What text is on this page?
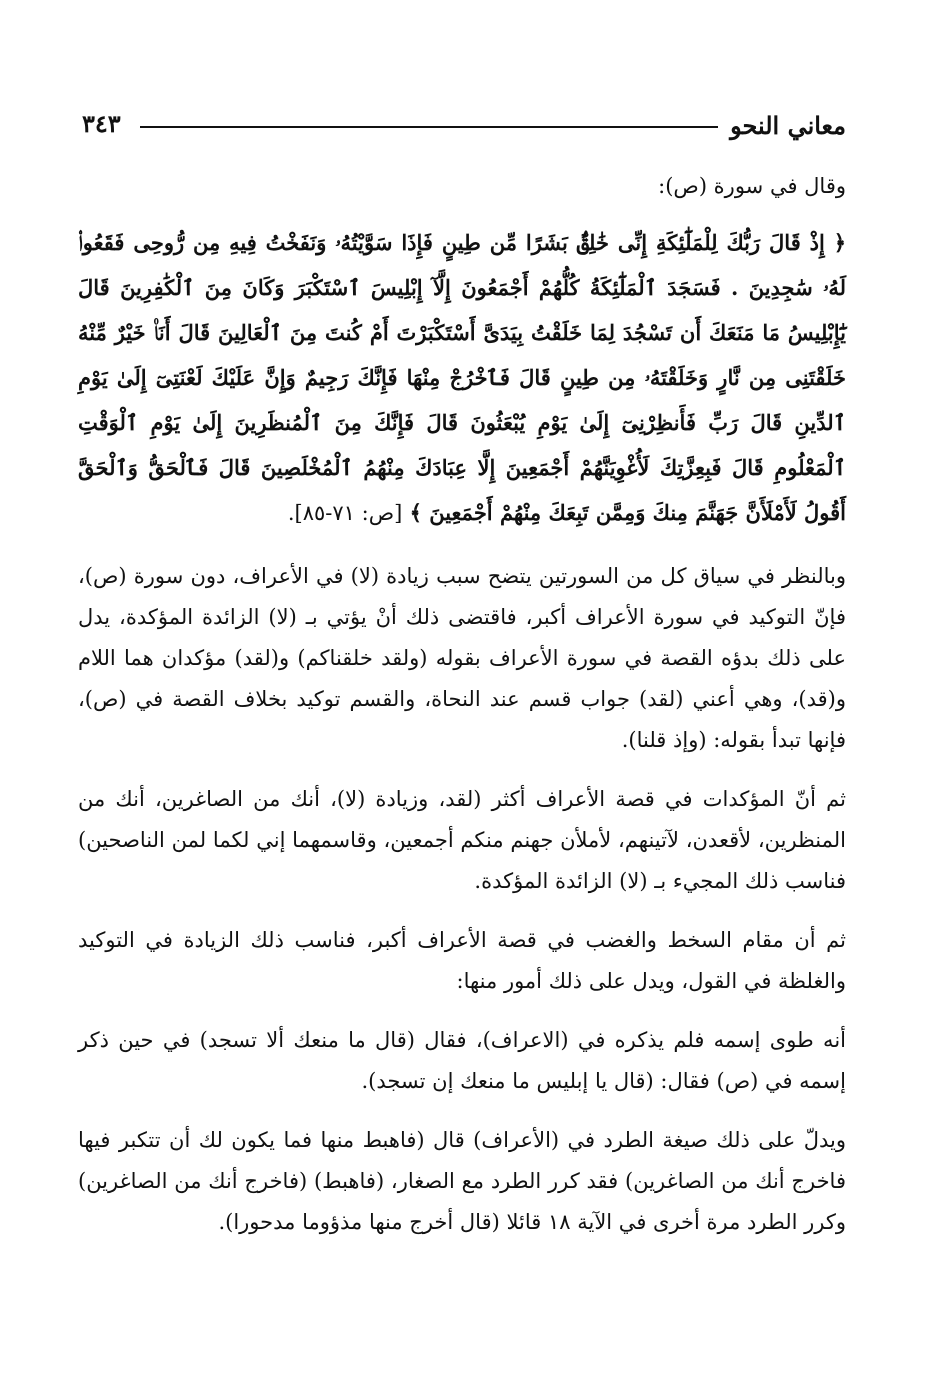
معاني النحو
٣٤٣

وقال في سورة (ص):

﴿ إِذْ قَالَ رَبُّكَ لِلْمَلَٰٓئِكَةِ إِنِّى خَٰلِقٌۢ بَشَرًا مِّن طِينٍ فَإِذَا سَوَّيْتُهُۥ وَنَفَخْتُ فِيهِ مِن رُّوحِى فَقَعُوا۟ لَهُۥ سَٰجِدِينَ . فَسَجَدَ ٱلْمَلَٰٓئِكَةُ كُلُّهُمْ أَجْمَعُونَ إِلَّآ إِبْلِيسَ ٱسْتَكْبَرَ وَكَانَ مِنَ ٱلْكَٰفِرِينَ قَالَ يَٰٓإِبْلِيسُ مَا مَنَعَكَ أَن تَسْجُدَ لِمَا خَلَقْتُ بِيَدَىَّ أَسْتَكْبَرْتَ أَمْ كُنتَ مِنَ ٱلْعَالِينَ قَالَ أَنَا۠ خَيْرٌ مِّنْهُ خَلَقْتَنِى مِن نَّارٍ وَخَلَقْتَهُۥ مِن طِينٍ قَالَ فَٱخْرُجْ مِنْهَا فَإِنَّكَ رَجِيمٌ وَإِنَّ عَلَيْكَ لَعْنَتِىٓ إِلَىٰ يَوْمِ ٱلدِّينِ قَالَ رَبِّ فَأَنظِرْنِىٓ إِلَىٰ يَوْمِ يُبْعَثُونَ قَالَ فَإِنَّكَ مِنَ ٱلْمُنظَرِينَ إِلَىٰ يَوْمِ ٱلْوَقْتِ ٱلْمَعْلُومِ قَالَ فَبِعِزَّتِكَ لَأُغْوِيَنَّهُمْ أَجْمَعِينَ إِلَّا عِبَادَكَ مِنْهُمُ ٱلْمُخْلَصِينَ قَالَ فَٱلْحَقُّ وَٱلْحَقَّ أَقُولُ لَأَمْلَأَنَّ جَهَنَّمَ مِنكَ وَمِمَّن تَبِعَكَ مِنْهُمْ أَجْمَعِينَ ﴾ [ص: ٧١-٨٥].

وبالنظر في سياق كل من السورتين يتضح سبب زيادة (لا) في الأعراف، دون سورة (ص)، فإنّ التوكيد في سورة الأعراف أكبر، فاقتضى ذلك أنْ يؤتي بـ (لا) الزائدة المؤكدة، يدل على ذلك بدؤه القصة في سورة الأعراف بقوله (ولقد خلقناكم) و(لقد) مؤكدان هما اللام و(قد)، وهي أعني (لقد) جواب قسم عند النحاة، والقسم توكيد بخلاف القصة في (ص)، فإنها تبدأ بقوله: (وإذ قلنا).

ثم أنّ المؤكدات في قصة الأعراف أكثر (لقد، وزيادة (لا)، أنك من الصاغرين، أنك من المنظرين، لأقعدن، لآتينهم، لأملأن جهنم منكم أجمعين، وقاسمهما إني لكما لمن الناصحين) فناسب ذلك المجيء بـ (لا) الزائدة المؤكدة.

ثم أن مقام السخط والغضب في قصة الأعراف أكبر، فناسب ذلك الزيادة في التوكيد والغلظة في القول، ويدل على ذلك أمور منها:

أنه طوى إسمه فلم يذكره في (الاعراف)، فقال (قال ما منعك ألا تسجد) في حين ذكر إسمه في (ص) فقال: (قال يا إبليس ما منعك إن تسجد).

ويدلّ على ذلك صيغة الطرد في (الأعراف) قال (فاهبط منها فما يكون لك أن تتكبر فيها فاخرج أنك من الصاغرين) فقد كرر الطرد مع الصغار، (فاهبط) (فاخرج أنك من الصاغرين) وكرر الطرد مرة أخرى في الآية ١٨ قائلا (قال أخرج منها مذؤوما مدحورا).
